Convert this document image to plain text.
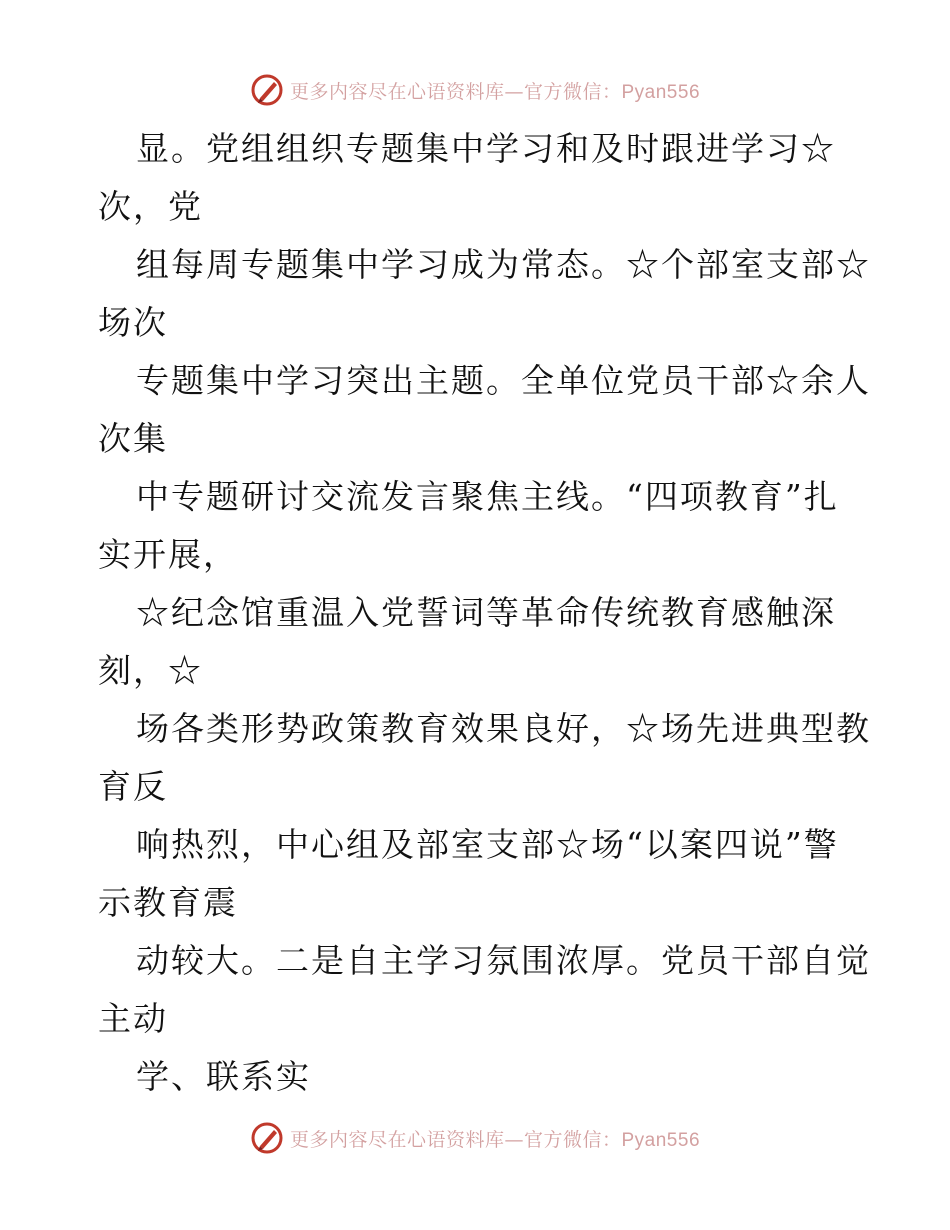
更多内容尽在心语资料库—官方微信：Pyan556
显。党组组织专题集中学习和及时跟进学习☆
次，党
组每周专题集中学习成为常态。☆个部室支部☆
场次
专题集中学习突出主题。全单位党员干部☆余人
次集
中专题研讨交流发言聚焦主线。“四项教育”扎
实开展，
☆纪念馆重温入党誓词等革命传统教育感触深
刻，☆
场各类形势政策教育效果良好，☆场先进典型教
育反
响热烈，中心组及部室支部☆场“以案四说”警
示教育震
动较大。二是自主学习氛围浓厚。党员干部自觉
主动
学、联系实
更多内容尽在心语资料库—官方微信：Pyan556
